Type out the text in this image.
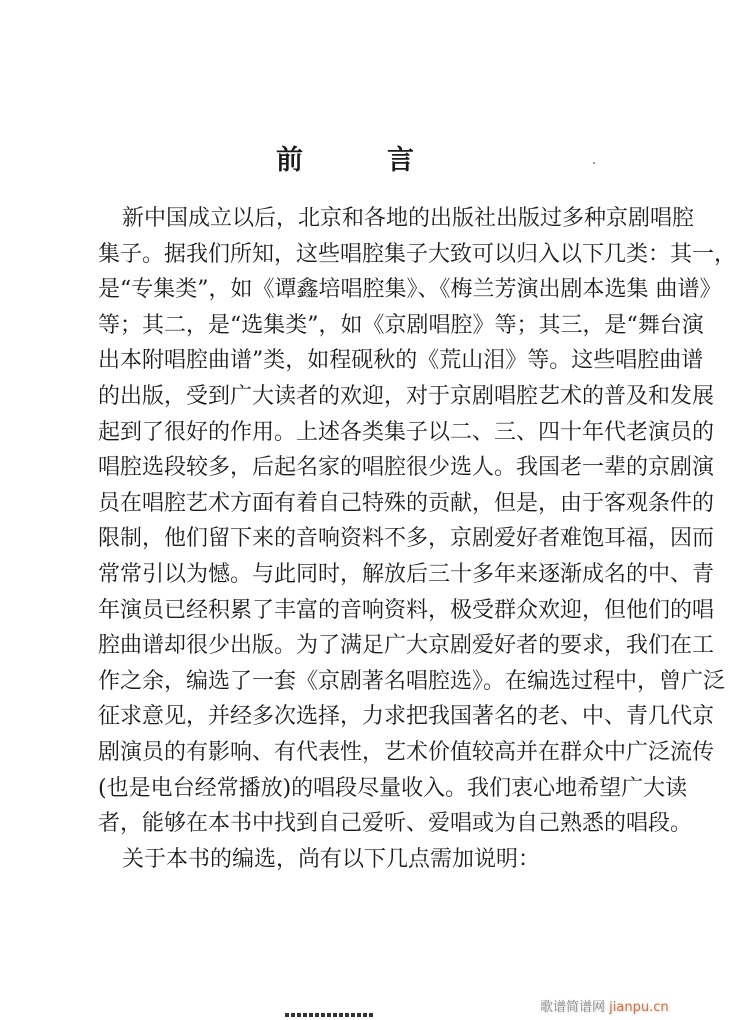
前	言
新中国成立以后，北京和各地的出版社出版过多种京剧唱腔
集子。据我们所知，这些唱腔集子大致可以归入以下几类：其一，
是“专集类”，如《谭鑫培唱腔集》、《梅兰芳演出剧本选集 曲谱》
等；其二，是“选集类”，如《京剧唱腔》等；其三，是“舞台演
出本附唱腔曲谱”类，如程砚秋的《荒山泪》等。这些唱腔曲谱
的出版，受到广大读者的欢迎，对于京剧唱腔艺术的普及和发展
起到了很好的作用。上述各类集子以二、三、四十年代老演员的
唱腔选段较多，后起名家的唱腔很少选人。我国老一辈的京剧演
员在唱腔艺术方面有着自己特殊的贡献，但是，由于客观条件的
限制，他们留下来的音响资料不多，京剧爱好者难饱耳福，因而
常常引以为憾。与此同时，解放后三十多年来逐渐成名的中、青
年演员已经积累了丰富的音响资料，极受群众欢迎，但他们的唱
腔曲谱却很少出版。为了满足广大京剧爱好者的要求，我们在工
作之余，编选了一套《京剧著名唱腔选》。在编选过程中，曾广泛
征求意见，并经多次选择，力求把我国著名的老、中、青几代京
剧演员的有影响、有代表性，艺术价值较高并在群众中广泛流传
(也是电台经常播放)的唱段尽量收入。我们衷心地希望广大读
者，能够在本书中找到自己爱听、爱唱或为自己熟悉的唱段。
关于本书的编选，尚有以下几点需加说明：
歌谱简谱网 jianpu.cn
